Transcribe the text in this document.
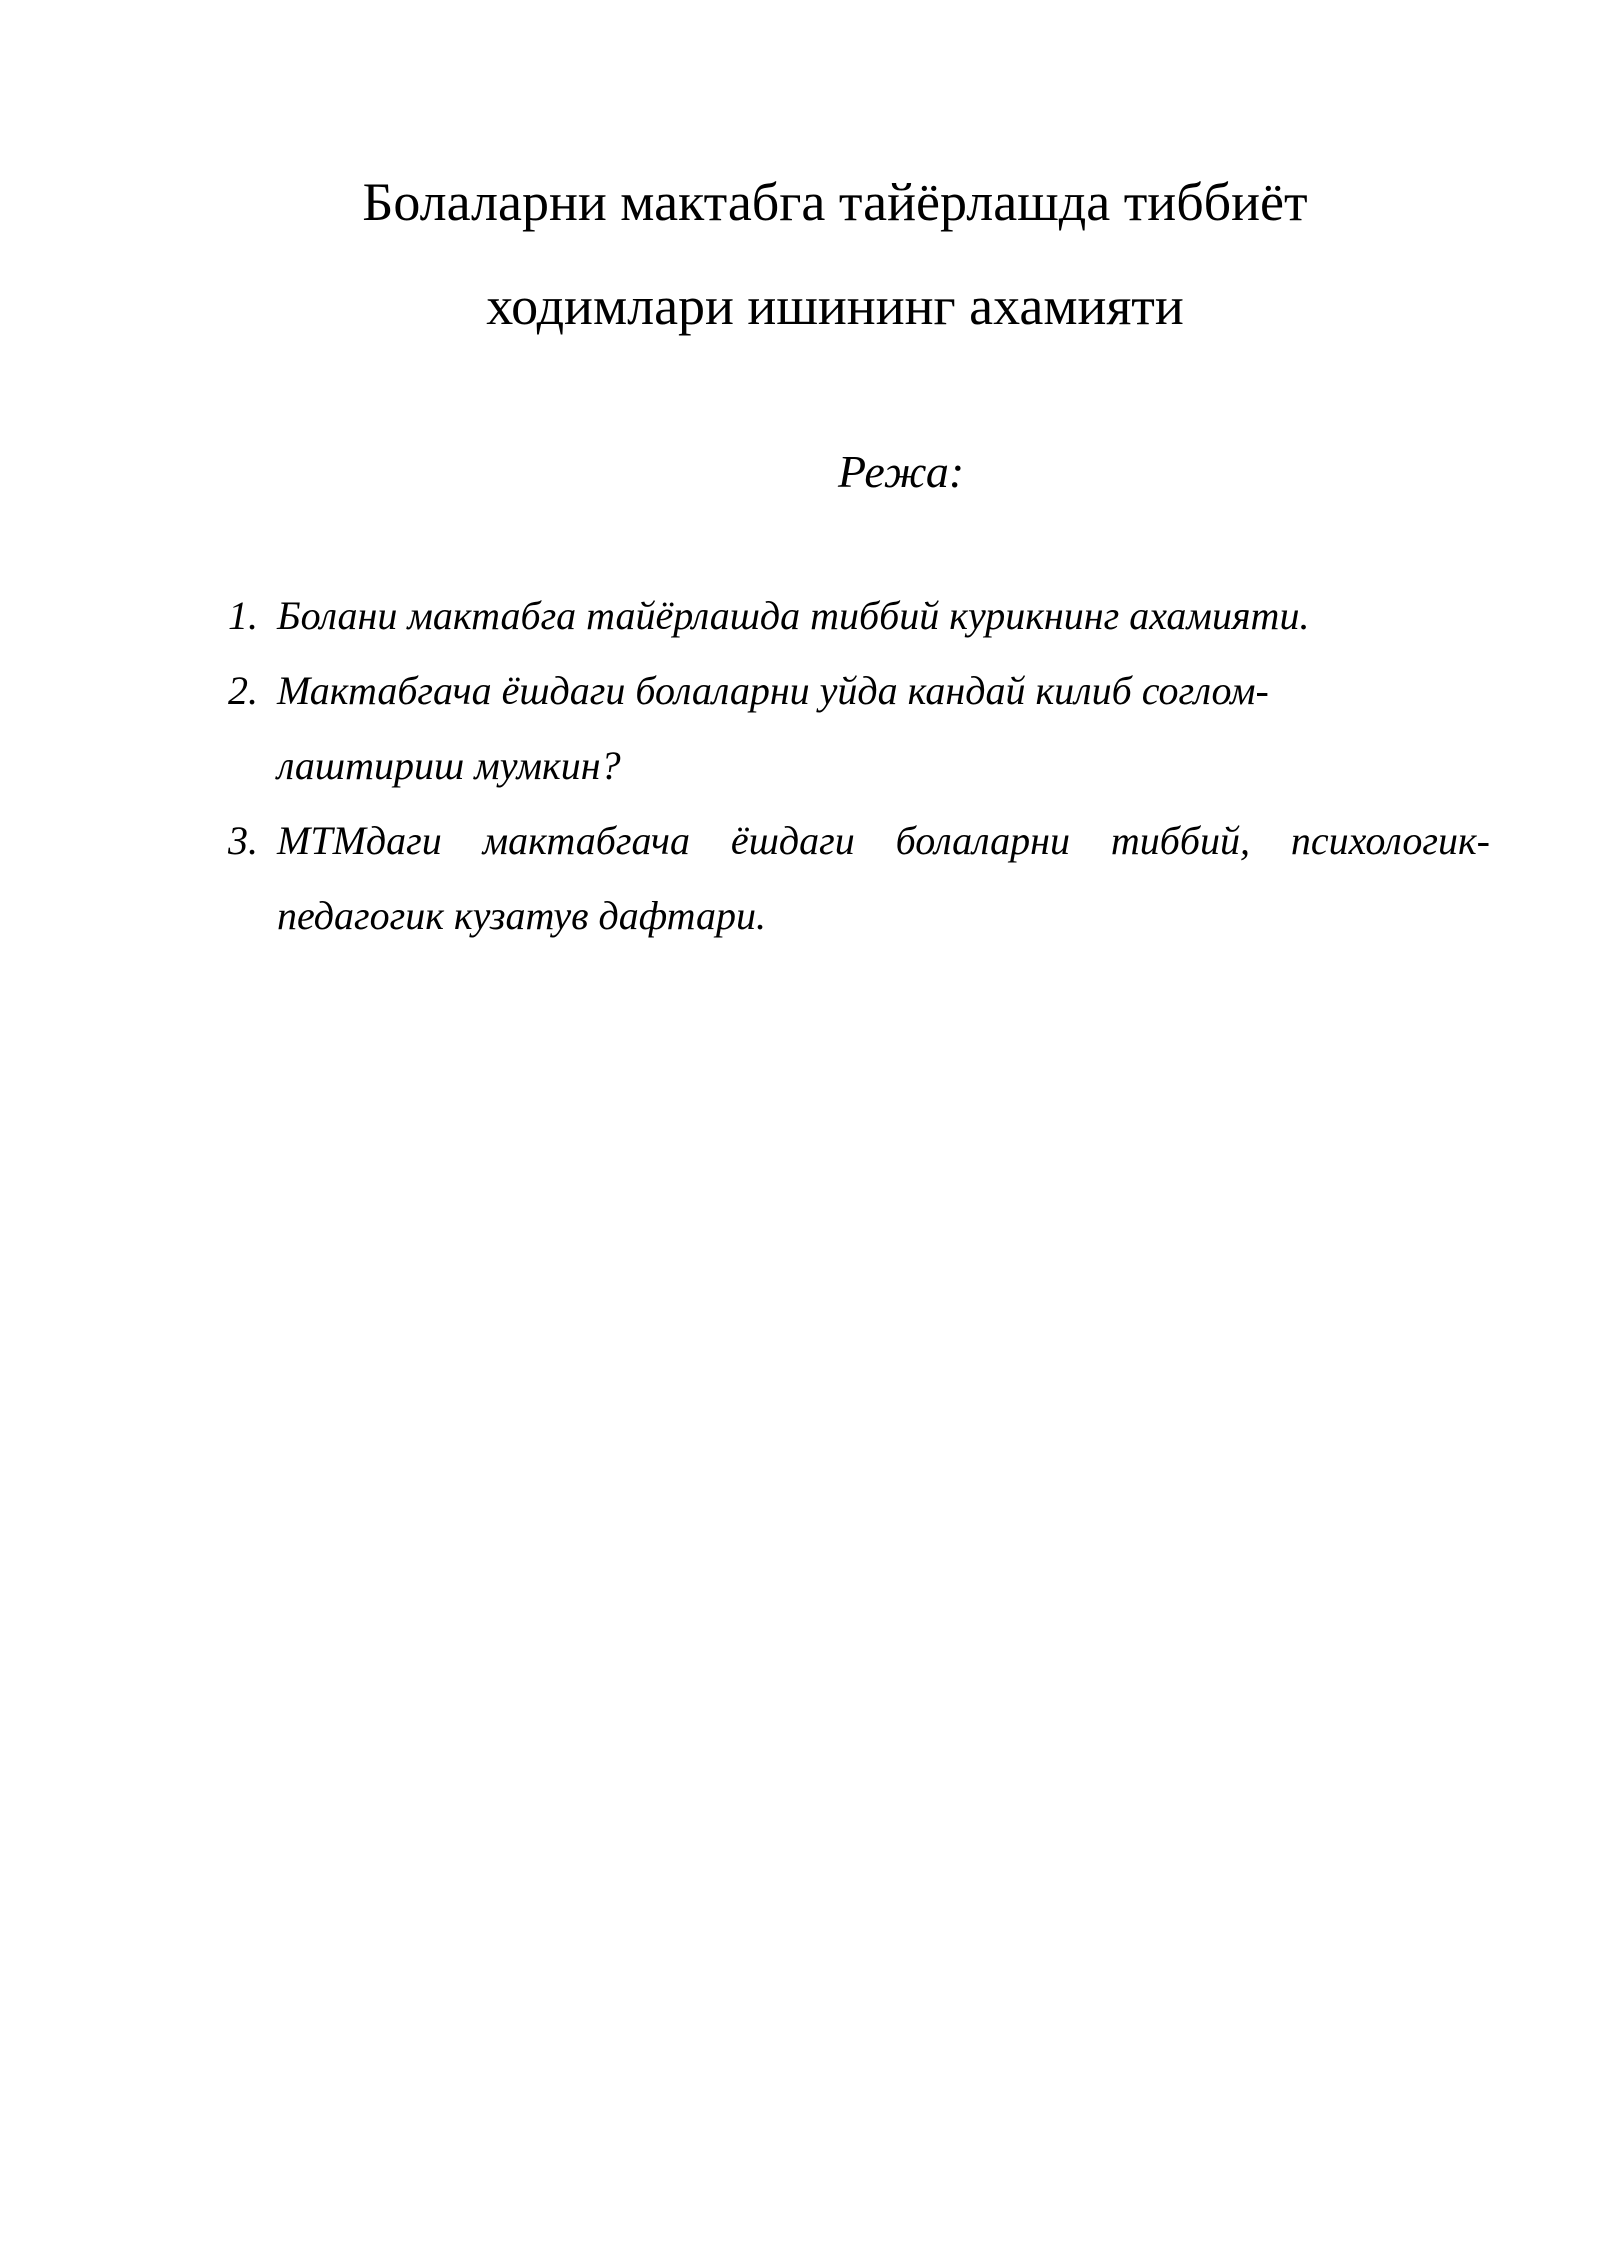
Болаларни мактабга тайёрлашда тиббиёт
ходимлари ишининг ахамияти

Режа:

1. Болани мактабга тайёрлашда тиббий курикнинг ахамияти.
2. Мактабгача ёшдаги болаларни уйда кандай килиб согломлаштириш мумкин?
3. МТМдаги мактабгача ёшдаги болаларни тиббий, психологик-педагогик кузатув дафтари.
